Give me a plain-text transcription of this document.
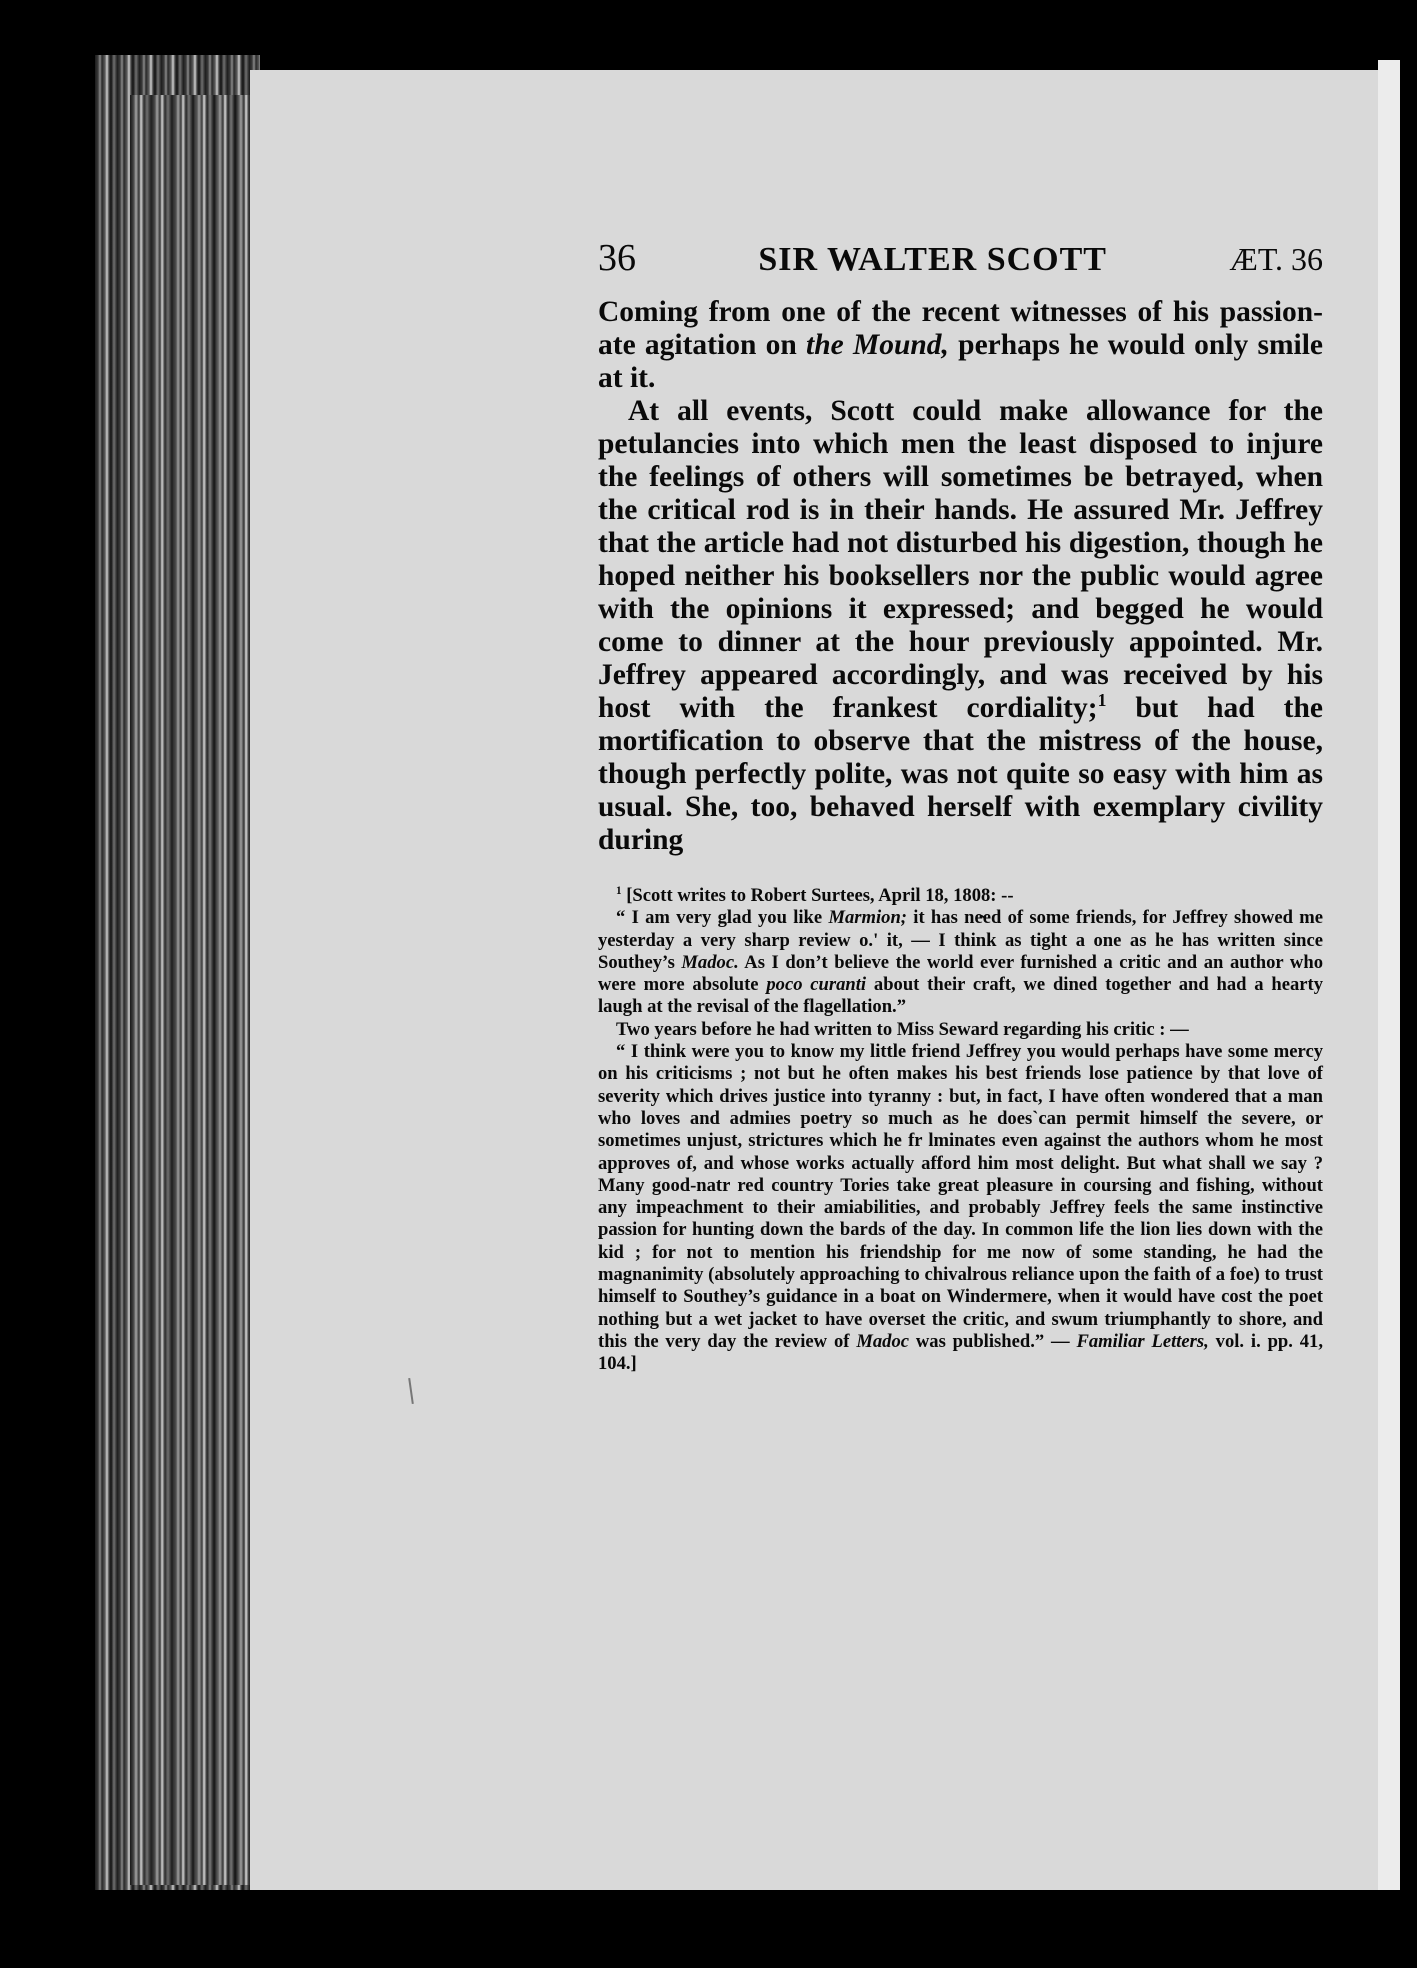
36	SIR WALTER SCOTT	ÆT. 36

Coming from one of the recent witnesses of his passion-ate agitation on the Mound, perhaps he would only smile at it.

At all events, Scott could make allowance for the petulancies into which men the least disposed to injure the feelings of others will sometimes be betrayed, when the critical rod is in their hands. He assured Mr. Jeffrey that the article had not disturbed his digestion, though he hoped neither his booksellers nor the public would agree with the opinions it expressed; and begged he would come to dinner at the hour previously appointed. Mr. Jeffrey appeared accordingly, and was received by his host with the frankest cordiality;$^1$ but had the mortification to observe that the mistress of the house, though perfectly polite, was not quite so easy with him as usual. She, too, behaved herself with exemplary civility during

$^1$ [Scott writes to Robert Surtees, April 18, 1808: --

“ I am very glad you like Marmion; it has ne̴ed of some friends, for Jeffrey showed me yesterday a very sharp review o.' it, — I think as tight a one as he has written since Southey’s Madoc. As I don’t believe the world ever furnished a critic and an author who were more absolute poco curanti about their craft, we dined together and had a hearty laugh at the revisal of the flagellation.”

Two years before he had written to Miss Seward regarding his critic : —

“ I think were you to know my little friend Jeffrey you would perhaps have some mercy on his criticisms ; not but he often makes his best friends lose patience by that love of severity which drives justice into tyranny : but, in fact, I have often wondered that a man who loves and admiıes poetry so much as he does`can permit himself the severe, or sometimes unjust, strictures which he fr lminates even against the authors whom he most approves of, and whose works actually afford him most delight. But what shall we say ? Many good-natr red country Tories take great pleasure in coursing and fishing, without any impeachment to their amiabilities, and probably Jeffrey feels the same instinctive passion for hunting down the bards of the day. In common life the lion lies down with the kid ; for not to mention his friendship for me now of some standing, he had the magnanimity (absolutely approaching to chivalrous reliance upon the faith of a foe) to trust himself to Southey’s guidance in a boat on Windermere, when it would have cost the poet nothing but a wet jacket to have overset the critic, and swum triumphantly to shore, and this the very day the review of Madoc was published.” — Familiar Letters, vol. i. pp. 41, 104.]
